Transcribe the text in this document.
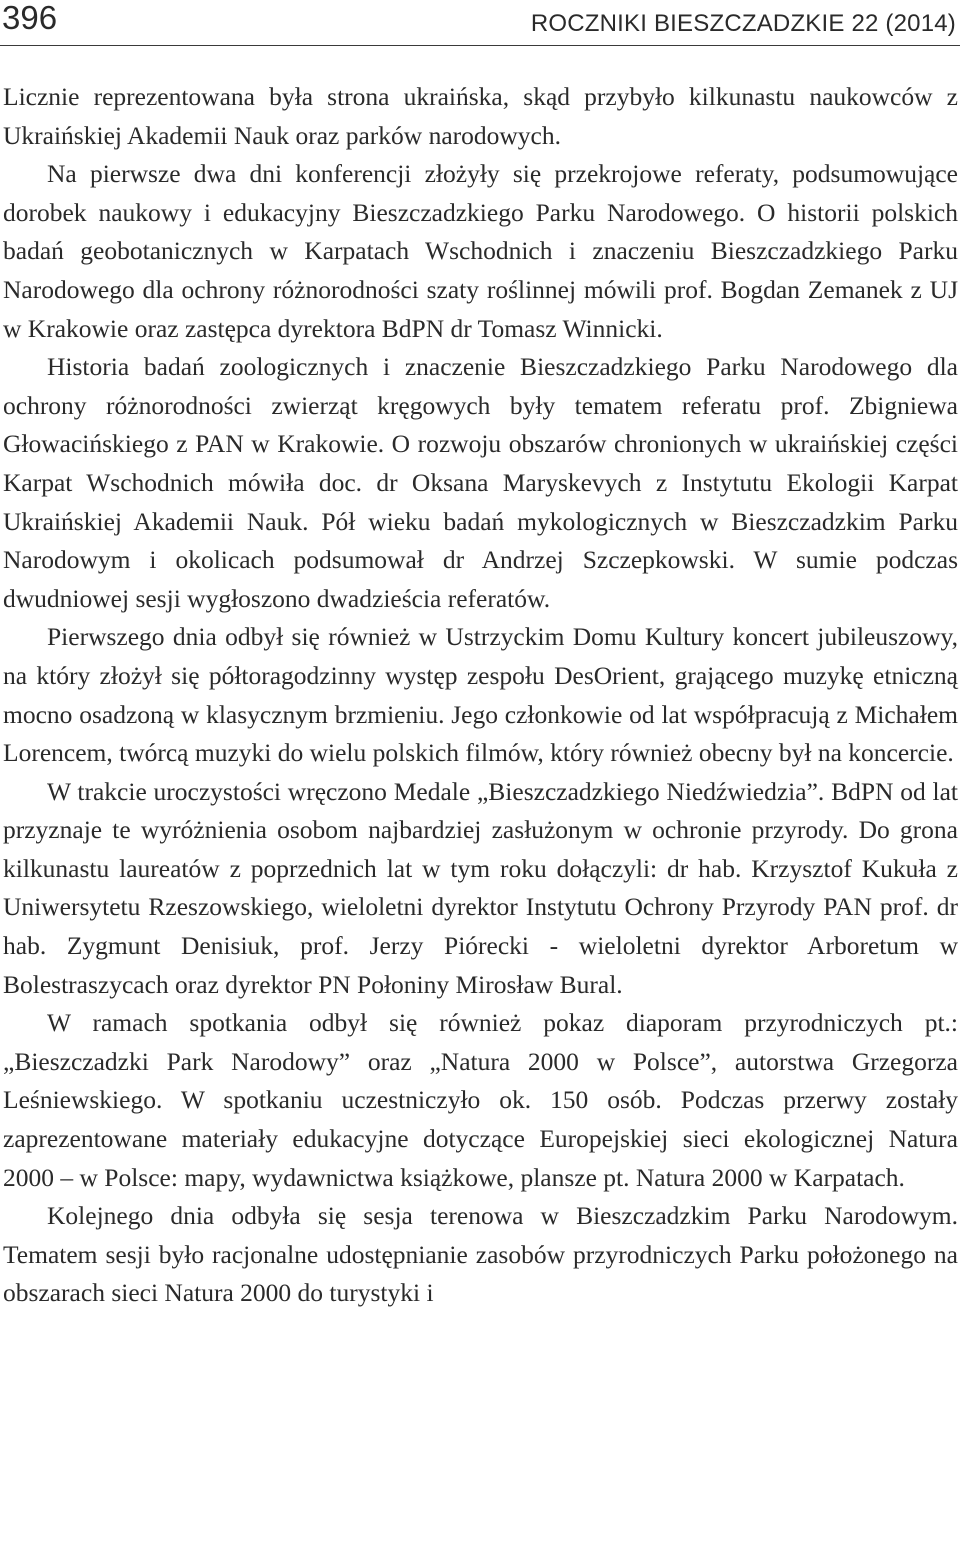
396	ROCZNIKI BIESZCZADZKIE 22 (2014)

Licznie reprezentowana była strona ukraińska, skąd przybyło kilkunastu naukowców z Ukraińskiej Akademii Nauk oraz parków narodowych.

Na pierwsze dwa dni konferencji złożyły się przekrojowe referaty, podsumowujące dorobek naukowy i edukacyjny Bieszczadzkiego Parku Narodowego. O historii polskich badań geobotanicznych w Karpatach Wschodnich i znaczeniu Bieszczadzkiego Parku Narodowego dla ochrony różnorodności szaty roślinnej mówili prof. Bogdan Zemanek z UJ w Krakowie oraz zastępca dyrektora BdPN dr Tomasz Winnicki.

Historia badań zoologicznych i znaczenie Bieszczadzkiego Parku Narodowego dla ochrony różnorodności zwierząt kręgowych były tematem referatu prof. Zbigniewa Głowacińskiego z PAN w Krakowie. O rozwoju obszarów chronionych w ukraińskiej części Karpat Wschodnich mówiła doc. dr Oksana Maryskevych z Instytutu Ekologii Karpat Ukraińskiej Akademii Nauk. Pół wieku badań mykologicznych w Bieszczadzkim Parku Narodowym i okolicach podsumował dr Andrzej Szczepkowski. W sumie podczas dwudniowej sesji wygłoszono dwadzieścia referatów.

Pierwszego dnia odbył się również w Ustrzyckim Domu Kultury koncert jubileuszowy, na który złożył się półtoragodzinny występ zespołu DesOrient, grającego muzykę etniczną mocno osadzoną w klasycznym brzmieniu. Jego członkowie od lat współpracują z Michałem Lorencem, twórcą muzyki do wielu polskich filmów, który również obecny był na koncercie.

W trakcie uroczystości wręczono Medale „Bieszczadzkiego Niedźwiedzia”. BdPN od lat przyznaje te wyróżnienia osobom najbardziej zasłużonym w ochronie przyrody. Do grona kilkunastu laureatów z poprzednich lat w tym roku dołączyli: dr hab. Krzysztof Kukuła z Uniwersytetu Rzeszowskiego, wieloletni dyrektor Instytutu Ochrony Przyrody PAN prof. dr hab. Zygmunt Denisiuk, prof. Jerzy Piórecki - wieloletni dyrektor Arboretum w Bolestraszycach oraz dyrektor PN Połoniny Mirosław Bural.

W ramach spotkania odbył się również pokaz diaporam przyrodniczych pt.: „Bieszczadzki Park Narodowy” oraz „Natura 2000 w Polsce”, autorstwa Grzegorza Leśniewskiego. W spotkaniu uczestniczyło ok. 150 osób. Podczas przerwy zostały zaprezentowane materiały edukacyjne dotyczące Europejskiej sieci ekologicznej Natura 2000 – w Polsce: mapy, wydawnictwa książkowe, plansze pt. Natura 2000 w Karpatach.

Kolejnego dnia odbyła się sesja terenowa w Bieszczadzkim Parku Narodowym. Tematem sesji było racjonalne udostępnianie zasobów przyrodniczych Parku położonego na obszarach sieci Natura 2000 do turystyki i
